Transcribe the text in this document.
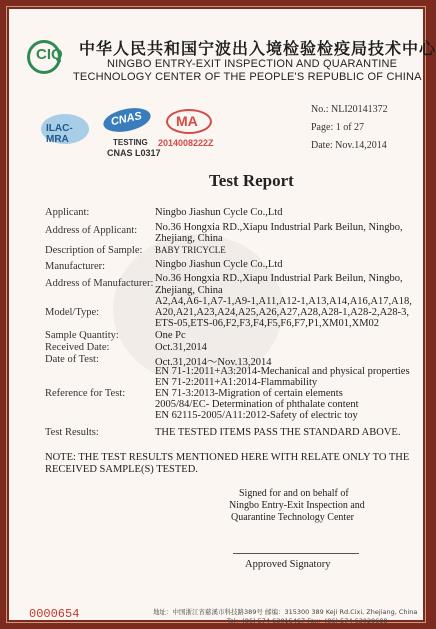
CIQ 中华人民共和国宁波出入境检验检疫局技术中心
NINGBO ENTRY-EXIT INSPECTION AND QUARANTINE
TECHNOLOGY CENTER OF THE PEOPLE'S REPUBLIC OF CHINA
ILAC-MRA
CNAS
TESTING
CNAS L0317
MA
2014008222Z
No.: NLI20141372
Page: 1 of 27
Date: Nov.14,2014
Test Report
Applicant:	Ningbo Jiashun Cycle Co.,Ltd
Address of Applicant: No.36 Hongxia RD.,Xiapu Industrial Park Beilun, Ningbo,
Zhejiang, China
Description of Sample: BABY TRICYCLE
Manufacturer:	Ningbo Jiashun Cycle Co.,Ltd
Address of Manufacturer: No.36 Hongxia RD.,Xiapu Industrial Park Beilun, Ningbo,
Zhejiang, China
Model/Type:
A2,A4,A6-1,A7-1,A9-1,A11,A12-1,A13,A14,A16,A17,A18,
A20,A21,A23,A24,A25,A26,A27,A28,A28-1,A28-2,A28-3,
ETS-05,ETS-06,F2,F3,F4,F5,F6,F7,P1,XM01,XM02
Sample Quantity:	One Pc
Received Date:	Oct.31,2014
Date of Test:	Oct.31,2014～Nov.13,2014
Reference for Test:
EN 71-1:2011+A3:2014-Mechanical and physical properties
EN 71-2:2011+A1:2014-Flammability
EN 71-3:2013-Migration of certain elements
2005/84/EC- Determination of phthalate content
EN 62115-2005/A11:2012-Safety of electric toy
Test Results:	THE TESTED ITEMS PASS THE STANDARD ABOVE.
NOTE: THE TEST RESULTS MENTIONED HERE WITH RELATE ONLY TO THE
RECEIVED SAMPLE(S) TESTED.
Signed for and on behalf of
Ningbo Entry-Exit Inspection and
Quarantine Technology Center
Approved Signatory
0000654	地址：中国浙江省慈溪市科技路389号 邮编：315300 389 Keji Rd.Cixi, Zhejiang, China
Tel：(86) 574 63015467 Fax：(86) 574 63029698
